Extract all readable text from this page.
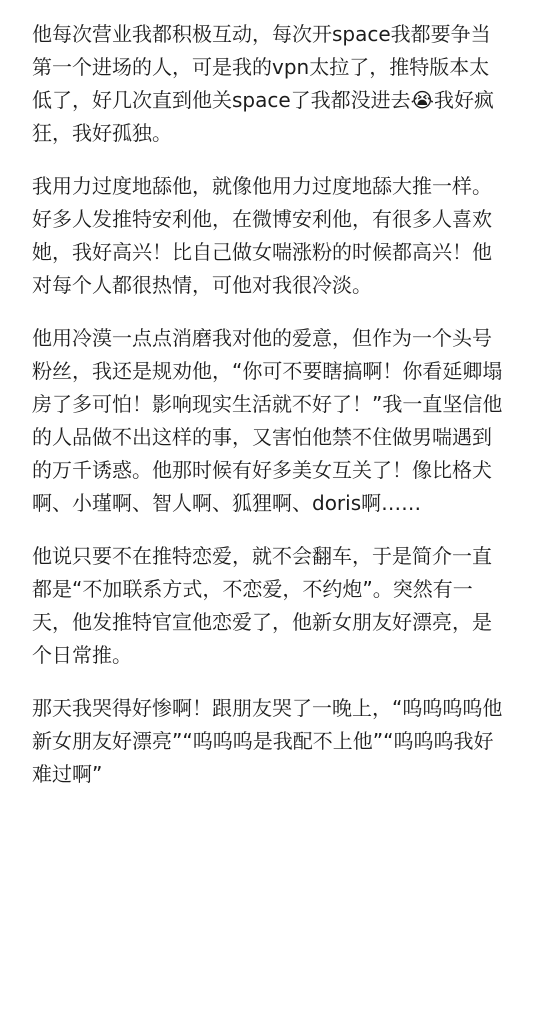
他每次营业我都积极互动，每次开space我都要争当第一个进场的人，可是我的vpn太拉了，推特版本太低了，好几次直到他关space了我都没进去😭我好疯狂，我好孤独。

我用力过度地舔他，就像他用力过度地舔大推一样。好多人发推特安利他，在微博安利他，有很多人喜欢她，我好高兴！比自己做女喘涨粉的时候都高兴！他对每个人都很热情，可他对我很冷淡。

他用冷漠一点点消磨我对他的爱意，但作为一个头号粉丝，我还是规劝他，“你可不要瞎搞啊！你看延卿塌房了多可怕！影响现实生活就不好了！”我一直坚信他的人品做不出这样的事，又害怕他禁不住做男喘遇到的万千诱惑。他那时候有好多美女互关了！像比格犬啊、小瑾啊、智人啊、狐狸啊、doris啊……

他说只要不在推特恋爱，就不会翻车，于是简介一直都是“不加联系方式，不恋爱，不约炮”。突然有一天，他发推特官宣他恋爱了，他新女朋友好漂亮，是个日常推。

那天我哭得好惨啊！跟朋友哭了一晚上，“呜呜呜呜他新女朋友好漂亮”“呜呜呜是我配不上他”“呜呜呜我好难过啊”
